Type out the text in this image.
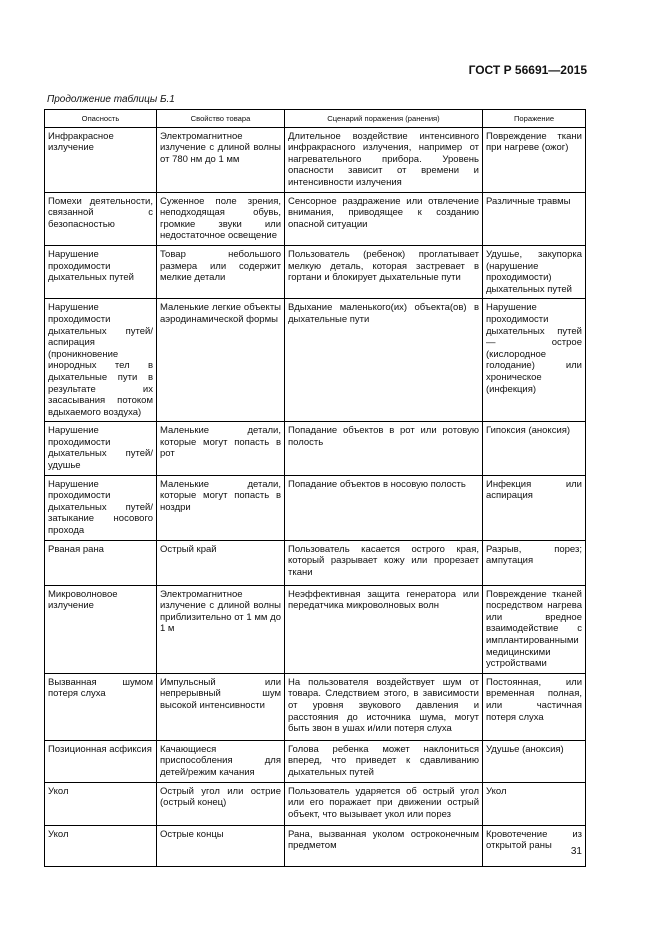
ГОСТ Р 56691—2015
Продолжение таблицы Б.1
Опасность	Свойство товара	Сценарий поражения (ранения)	Поражение
Инфракрасное излучение	Электромагнитное излучение с длиной волны от 780 нм до 1 мм	Длительное воздействие интенсивного инфракрасного излучения, например от нагревательного прибора. Уровень опасности зависит от времени и интенсивности излучения	Повреждение ткани при нагреве (ожог)
Помехи деятельности, связанной с безопасностью	Суженное поле зрения, неподходящая обувь, громкие звуки или недостаточное освещение	Сенсорное раздражение или отвлечение внимания, приводящее к созданию опасной ситуации	Различные травмы
Нарушение проходимости дыхательных путей	Товар небольшого размера или содержит мелкие детали	Пользователь (ребенок) проглатывает мелкую деталь, которая застревает в гортани и блокирует дыхательные пути	Удушье, закупорка (нарушение проходимости) дыхательных путей
Нарушение проходимости дыхательных путей/аспирация (проникновение инородных тел в дыхательные пути в результате их засасывания потоком вдыхаемого воздуха)	Маленькие легкие объекты аэродинамической формы	Вдыхание маленького(их) объекта(ов) в дыхательные пути	Нарушение проходимости дыхательных путей — острое (кислородное голодание) или хроническое (инфекция)
Нарушение проходимости дыхательных путей/удушье	Маленькие детали, которые могут попасть в рот	Попадание объектов в рот или ротовую полость	Гипоксия (аноксия)
Нарушение проходимости дыхательных путей/затыкание носового прохода	Маленькие детали, которые могут попасть в ноздри	Попадание объектов в носовую полость	Инфекция или аспирация
Рваная рана	Острый край	Пользователь касается острого края, который разрывает кожу или прорезает ткани	Разрыв, порез; ампутация
Микроволновое излучение	Электромагнитное излучение с длиной волны приблизительно от 1 мм до 1 м	Неэффективная защита генератора или передатчика микроволновых волн	Повреждение тканей посредством нагрева или вредное взаимодействие с имплантированными медицинскими устройствами
Вызванная шумом потеря слуха	Импульсный или непрерывный шум высокой интенсивности	На пользователя воздействует шум от товара. Следствием этого, в зависимости от уровня звукового давления и расстояния до источника шума, могут быть звон в ушах и/или потеря слуха	Постоянная, или временная полная, или частичная потеря слуха
Позиционная асфиксия	Качающиеся приспособления для детей/режим качания	Голова ребенка может наклониться вперед, что приведет к сдавливанию дыхательных путей	Удушье (аноксия)
Укол	Острый угол или острие (острый конец)	Пользователь ударяется об острый угол или его поражает при движении острый объект, что вызывает укол или порез	Укол
Укол	Острые концы	Рана, вызванная уколом остроконечным предметом	Кровотечение из открытой раны
31
